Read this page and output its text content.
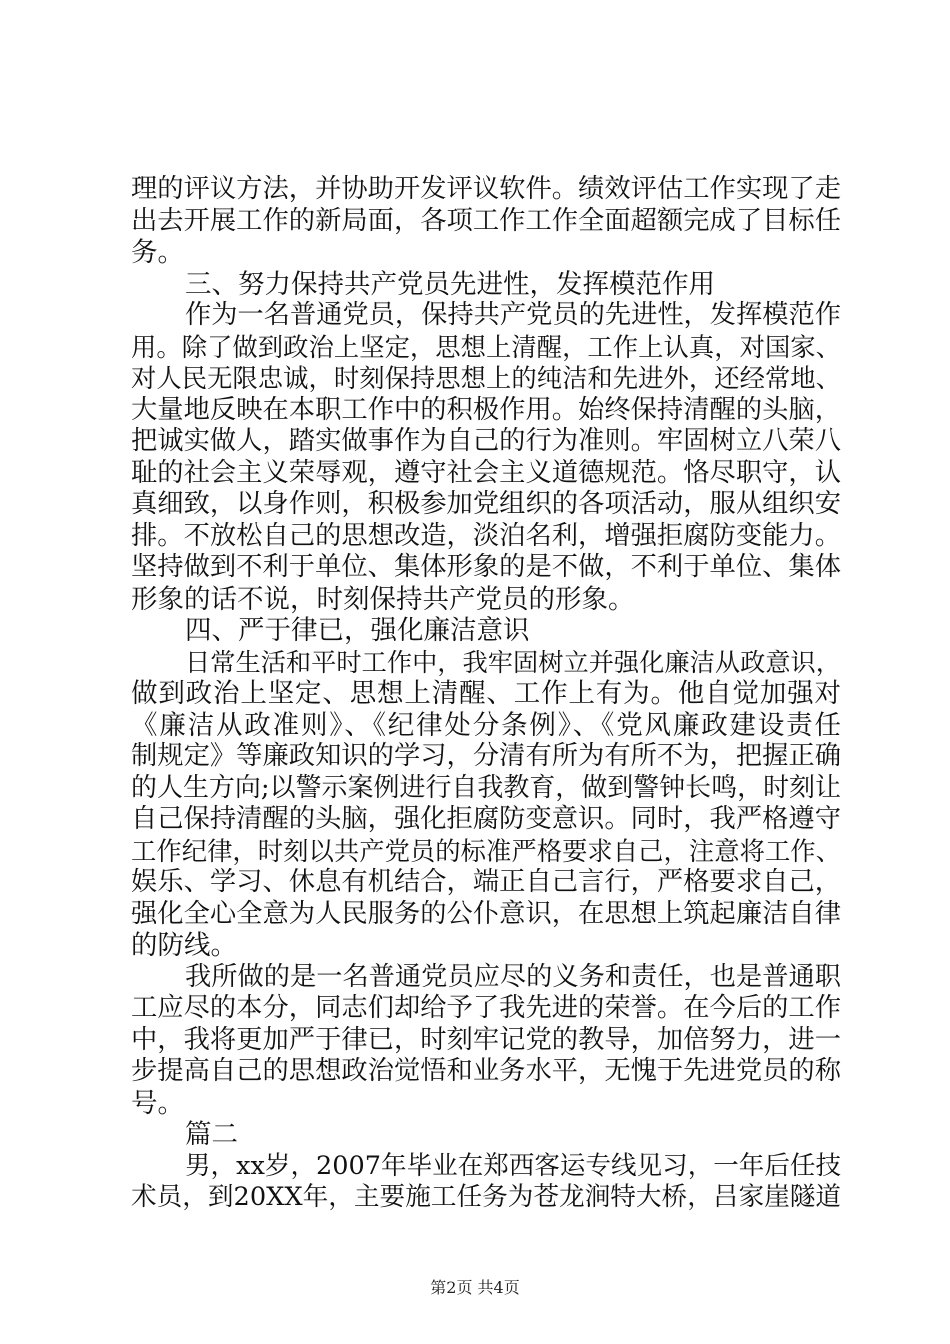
理的评议方法，并协助开发评议软件。绩效评估工作实现了走
出去开展工作的新局面，各项工作工作全面超额完成了目标任
务。
三、努力保持共产党员先进性，发挥模范作用
作为一名普通党员，保持共产党员的先进性，发挥模范作
用。除了做到政治上坚定，思想上清醒，工作上认真，对国家、
对人民无限忠诚，时刻保持思想上的纯洁和先进外，还经常地、
大量地反映在本职工作中的积极作用。始终保持清醒的头脑，
把诚实做人，踏实做事作为自己的行为准则。牢固树立八荣八
耻的社会主义荣辱观，遵守社会主义道德规范。恪尽职守，认
真细致，以身作则，积极参加党组织的各项活动，服从组织安
排。不放松自己的思想改造，淡泊名利，增强拒腐防变能力。
坚持做到不利于单位、集体形象的是不做，不利于单位、集体
形象的话不说，时刻保持共产党员的形象。
四、严于律已，强化廉洁意识
日常生活和平时工作中，我牢固树立并强化廉洁从政意识，
做到政治上坚定、思想上清醒、工作上有为。他自觉加强对
《廉洁从政准则》、《纪律处分条例》、《党风廉政建设责任
制规定》等廉政知识的学习，分清有所为有所不为，把握正确
的人生方向;以警示案例进行自我教育，做到警钟长鸣，时刻让
自己保持清醒的头脑，强化拒腐防变意识。同时，我严格遵守
工作纪律，时刻以共产党员的标准严格要求自己，注意将工作、
娱乐、学习、休息有机结合，端正自己言行，严格要求自己，
强化全心全意为人民服务的公仆意识，在思想上筑起廉洁自律
的防线。
我所做的是一名普通党员应尽的义务和责任，也是普通职
工应尽的本分，同志们却给予了我先进的荣誉。在今后的工作
中，我将更加严于律已，时刻牢记党的教导，加倍努力，进一
步提高自己的思想政治觉悟和业务水平，无愧于先进党员的称
号。
篇二
男，xx岁，2007年毕业在郑西客运专线见习，一年后任技
术员，到20XX年，主要施工任务为苍龙涧特大桥，吕家崖隧道
第2页 共4页
